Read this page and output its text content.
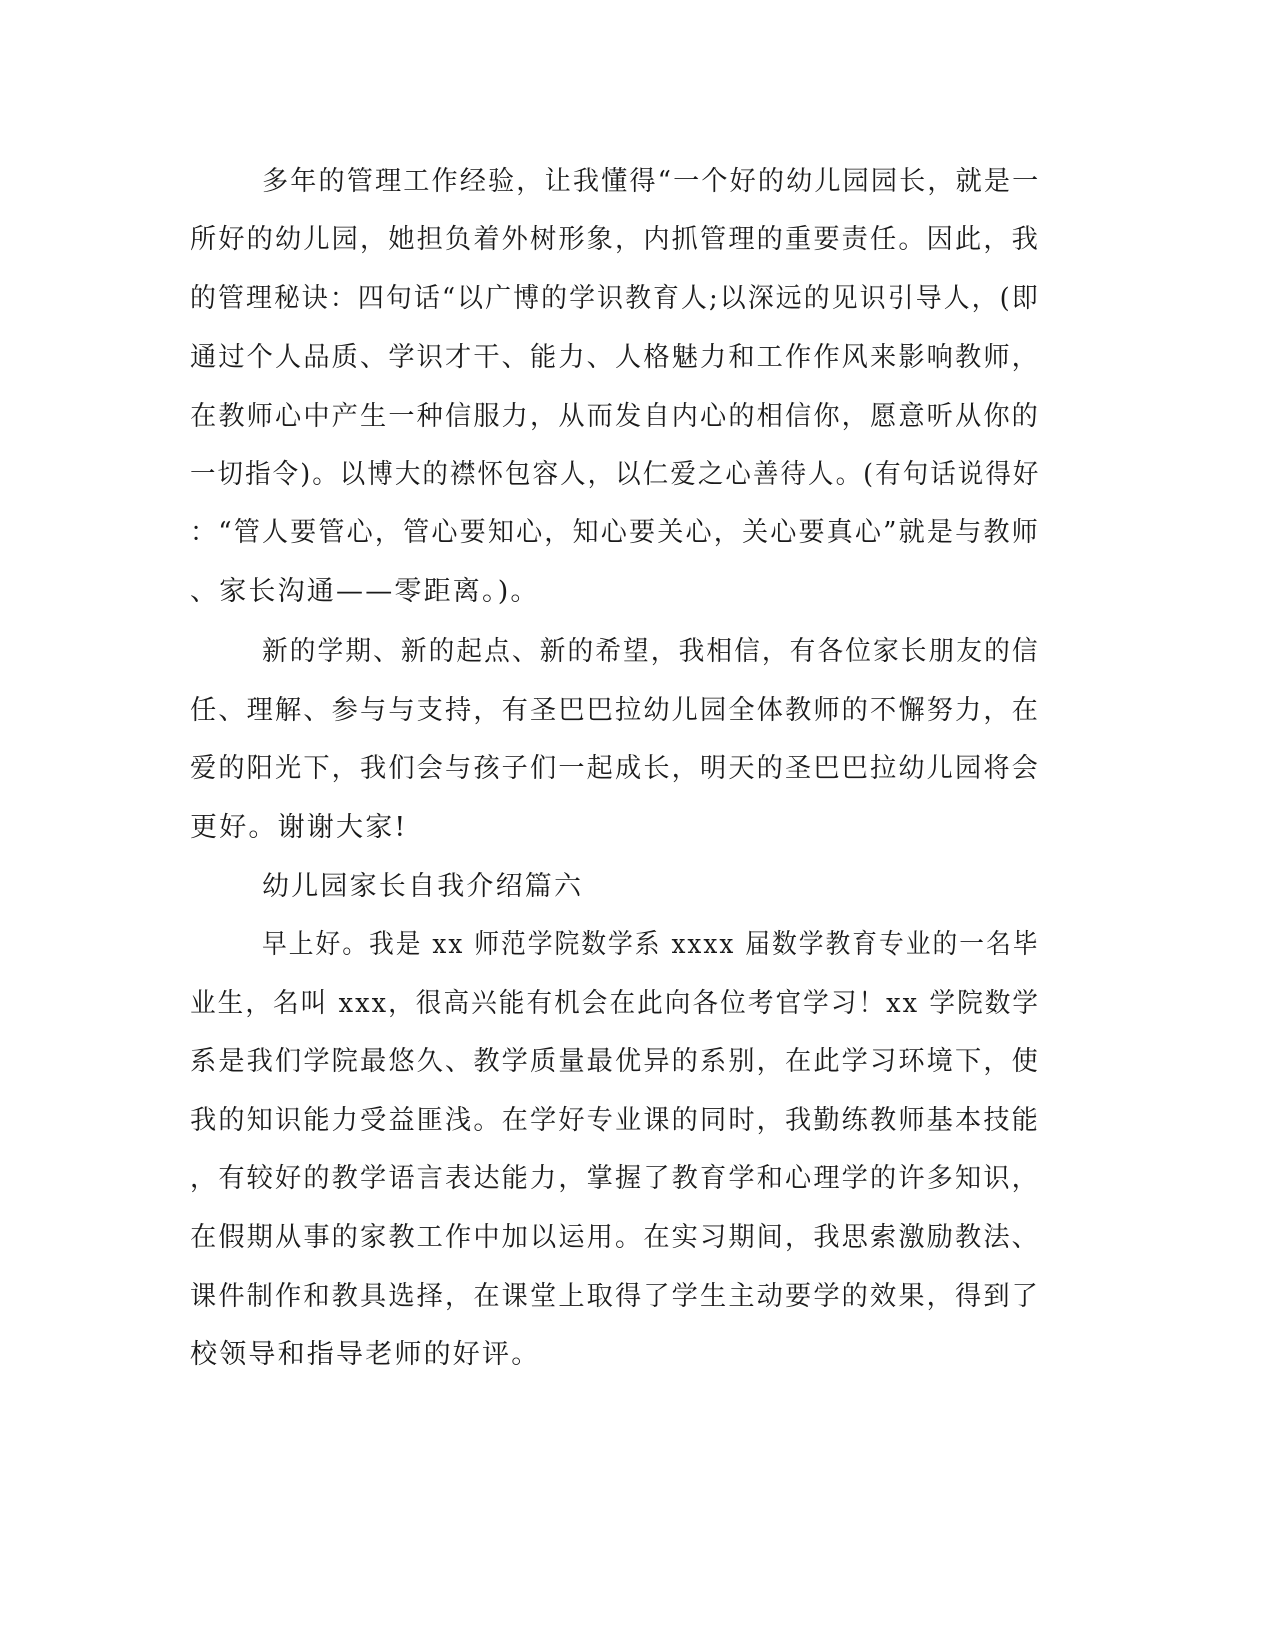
多年的管理工作经验，让我懂得“一个好的幼儿园园长，就是一
所好的幼儿园，她担负着外树形象，内抓管理的重要责任。因此，我
的管理秘诀：四句话“以广博的学识教育人;以深远的见识引导人，(即
通过个人品质、学识才干、能力、人格魅力和工作作风来影响教师，
在教师心中产生一种信服力，从而发自内心的相信你，愿意听从你的
一切指令)。以博大的襟怀包容人，以仁爱之心善待人。(有句话说得好
：“管人要管心，管心要知心，知心要关心，关心要真心”就是与教师
、家长沟通——零距离。)。
新的学期、新的起点、新的希望，我相信，有各位家长朋友的信
任、理解、参与与支持，有圣巴巴拉幼儿园全体教师的不懈努力，在
爱的阳光下，我们会与孩子们一起成长，明天的圣巴巴拉幼儿园将会
更好。谢谢大家!
幼儿园家长自我介绍篇六
早上好。我是 xx 师范学院数学系 xxxx 届数学教育专业的一名毕
业生，名叫 xxx，很高兴能有机会在此向各位考官学习！xx 学院数学
系是我们学院最悠久、教学质量最优异的系别，在此学习环境下，使
我的知识能力受益匪浅。在学好专业课的同时，我勤练教师基本技能
，有较好的教学语言表达能力，掌握了教育学和心理学的许多知识，
在假期从事的家教工作中加以运用。在实习期间，我思索激励教法、
课件制作和教具选择，在课堂上取得了学生主动要学的效果，得到了
校领导和指导老师的好评。
